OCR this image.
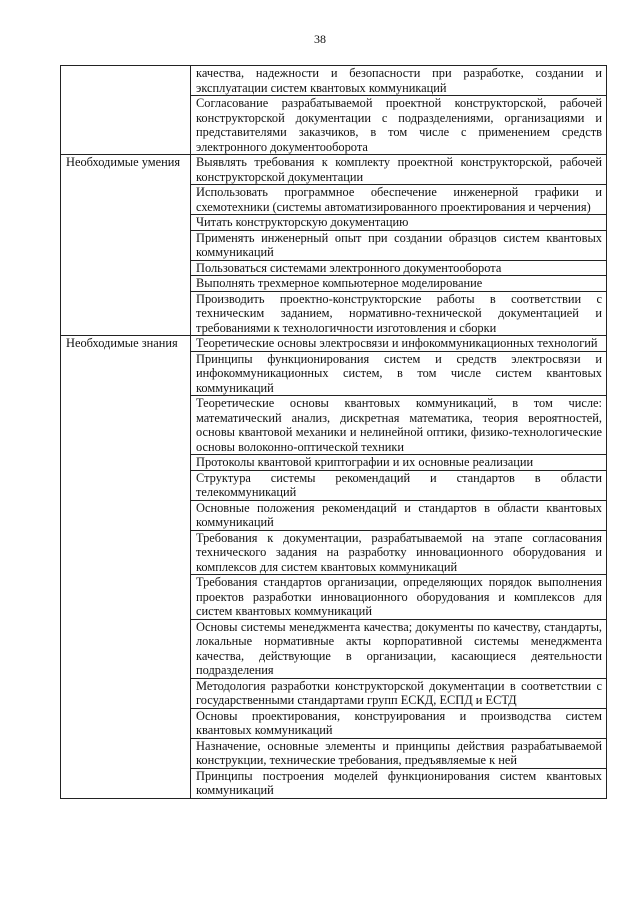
38
	качества, надежности и безопасности при разработке, создании и эксплуатации систем квантовых коммуникаций
	Согласование разрабатываемой проектной конструкторской, рабочей конструкторской документации с подразделениями, организациями и представителями заказчиков, в том числе с применением средств электронного документооборота
Необходимые умения	Выявлять требования к комплекту проектной конструкторской, рабочей конструкторской документации
	Использовать программное обеспечение инженерной графики и схемотехники (системы автоматизированного проектирования и черчения)
	Читать конструкторскую документацию
	Применять инженерный опыт при создании образцов систем квантовых коммуникаций
	Пользоваться системами электронного документооборота
	Выполнять трехмерное компьютерное моделирование
	Производить проектно-конструкторские работы в соответствии с техническим заданием, нормативно-технической документацией и требованиями к технологичности изготовления и сборки
Необходимые знания	Теоретические основы электросвязи и инфокоммуникационных технологий
	Принципы функционирования систем и средств электросвязи и инфокоммуникационных систем, в том числе систем квантовых коммуникаций
	Теоретические основы квантовых коммуникаций, в том числе: математический анализ, дискретная математика, теория вероятностей, основы квантовой механики и нелинейной оптики, физико-технологические основы волоконно-оптической техники
	Протоколы квантовой криптографии и их основные реализации
	Структура системы рекомендаций и стандартов в области телекоммуникаций
	Основные положения рекомендаций и стандартов в области квантовых коммуникаций
	Требования к документации, разрабатываемой на этапе согласования технического задания на разработку инновационного оборудования и комплексов для систем квантовых коммуникаций
	Требования стандартов организации, определяющих порядок выполнения проектов разработки инновационного оборудования и комплексов для систем квантовых коммуникаций
	Основы системы менеджмента качества; документы по качеству, стандарты, локальные нормативные акты корпоративной системы менеджмента качества, действующие в организации, касающиеся деятельности подразделения
	Методология разработки конструкторской документации в соответствии с государственными стандартами групп ЕСКД, ЕСПД и ЕСТД
	Основы проектирования, конструирования и производства систем квантовых коммуникаций
	Назначение, основные элементы и принципы действия разрабатываемой конструкции, технические требования, предъявляемые к ней
	Принципы построения моделей функционирования систем квантовых коммуникаций
